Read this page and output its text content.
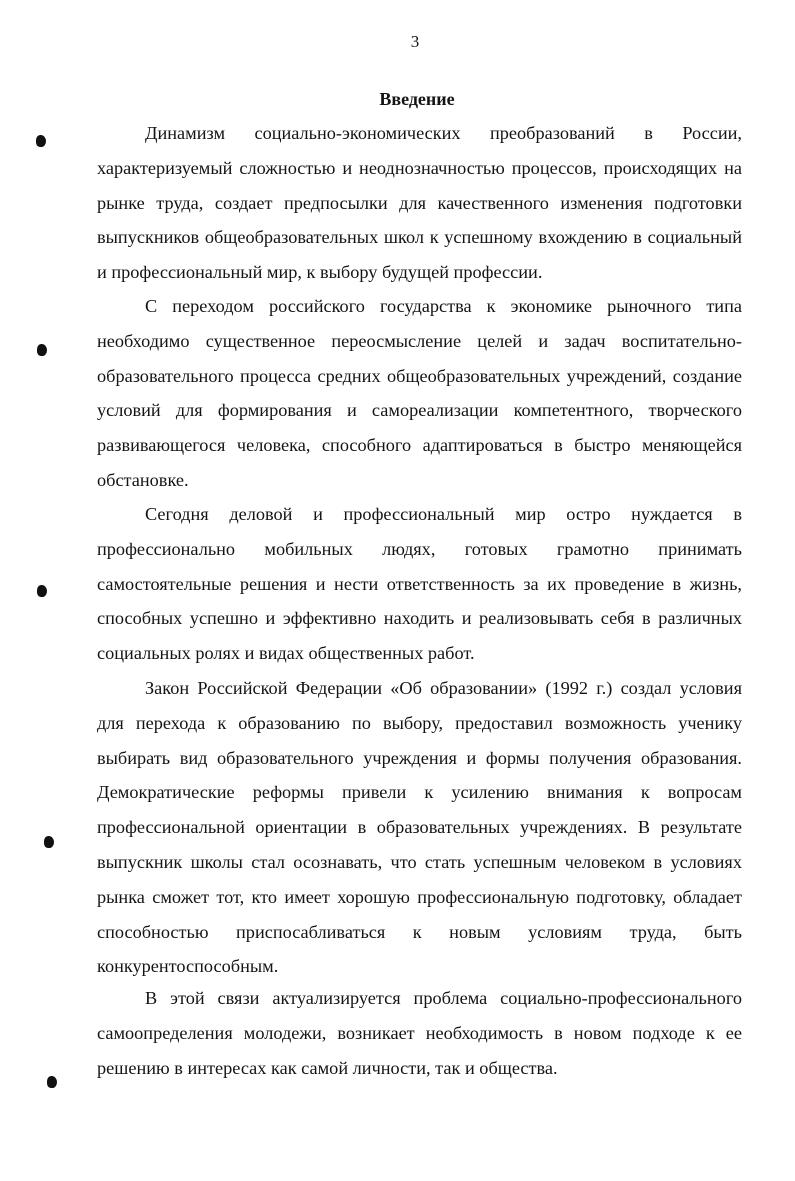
3
Введение

Динамизм социально-экономических преобразований в России, характеризуемый сложностью и неоднозначностью процессов, происходящих на рынке труда, создает предпосылки для качественного изменения подготовки выпускников общеобразовательных школ к успешному вхождению в социальный и профессиональный мир, к выбору будущей профессии.

С переходом российского государства к экономике рыночного типа необходимо существенное переосмысление целей и задач воспитательно-образовательного процесса средних общеобразовательных учреждений, создание условий для формирования и самореализации компетентного, творческого развивающегося человека, способного адаптироваться в быстро меняющейся обстановке.

Сегодня деловой и профессиональный мир остро нуждается в профессионально мобильных людях, готовых грамотно принимать самостоятельные решения и нести ответственность за их проведение в жизнь, способных успешно и эффективно находить и реализовывать себя в различных социальных ролях и видах общественных работ.

Закон Российской Федерации «Об образовании» (1992 г.) создал условия для перехода к образованию по выбору, предоставил возможность ученику выбирать вид образовательного учреждения и формы получения образования. Демократические реформы привели к усилению внимания к вопросам профессиональной ориентации в образовательных учреждениях. В результате выпускник школы стал осознавать, что стать успешным человеком в условиях рынка сможет тот, кто имеет хорошую профессиональную подготовку, обладает способностью приспосабливаться к новым условиям труда, быть конкурентоспособным.

В этой связи актуализируется проблема социально-профессионального самоопределения молодежи, возникает необходимость в новом подходе к ее решению в интересах как самой личности, так и общества.
